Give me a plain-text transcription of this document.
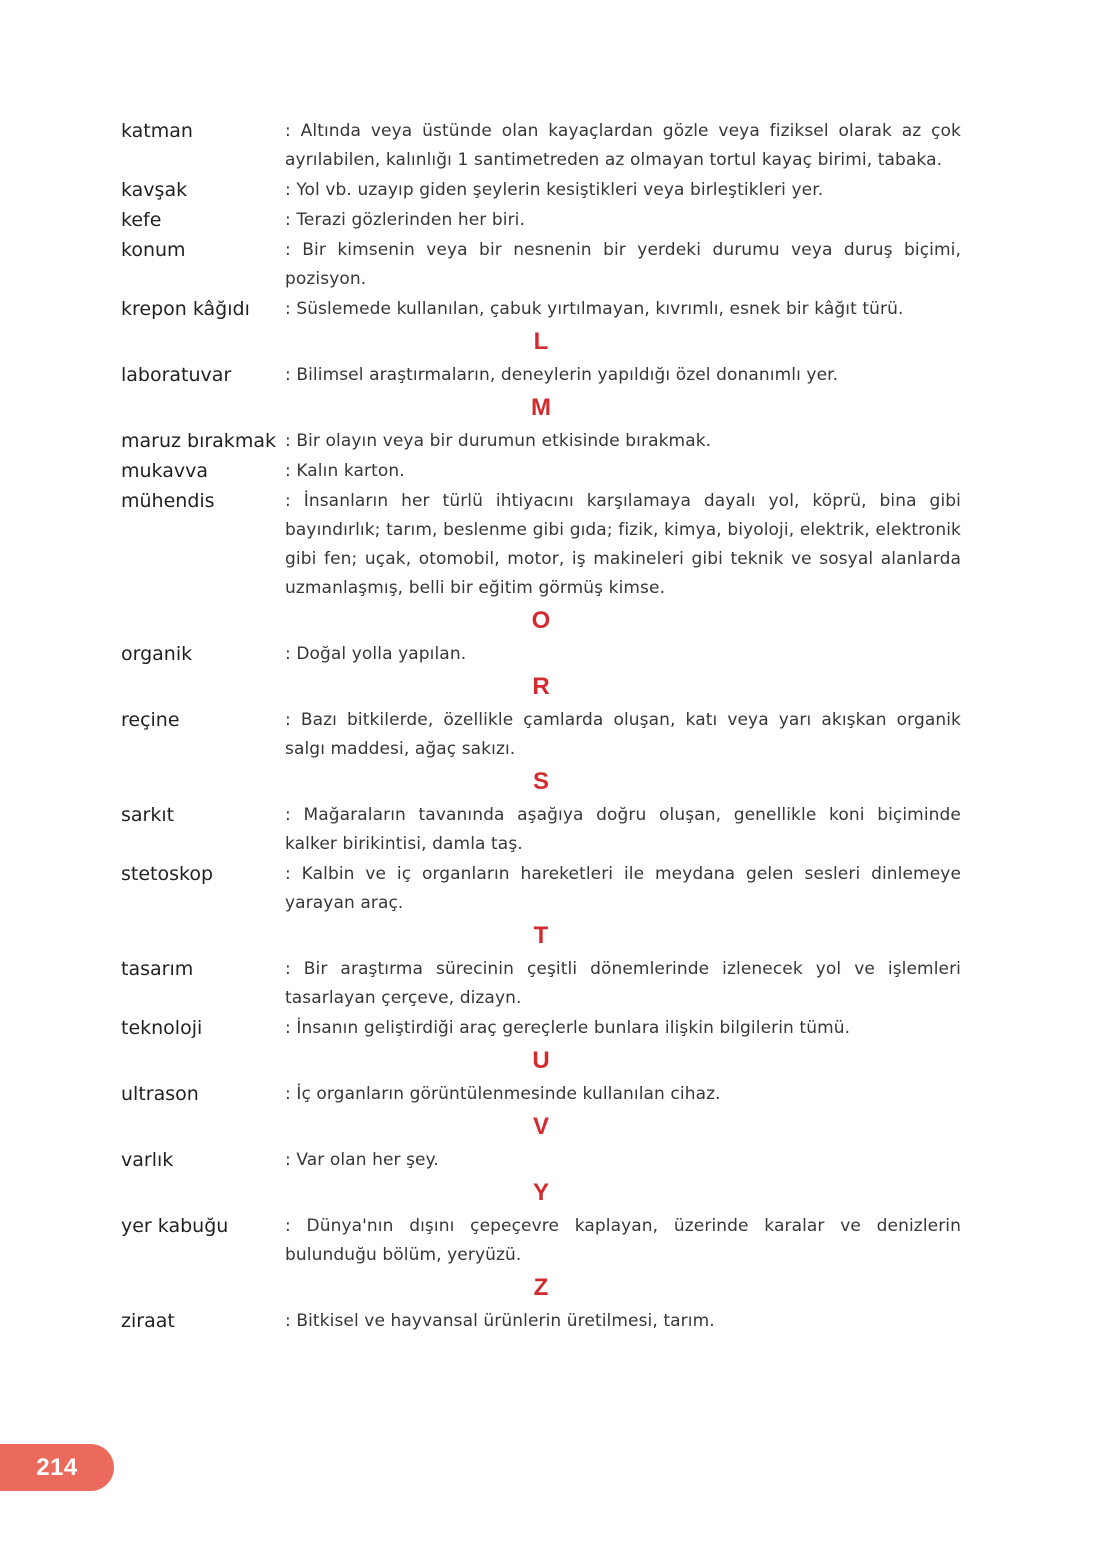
katman	: Altında veya üstünde olan kayaçlardan gözle veya fiziksel olarak az çok ayrılabilen, kalınlığı 1 santimetreden az olmayan tortul kayaç birimi, tabaka.
kavşak	: Yol vb. uzayıp giden şeylerin kesiştikleri veya birleştikleri yer.
kefe	: Terazi gözlerinden her biri.
konum	: Bir kimsenin veya bir nesnenin bir yerdeki durumu veya duruş biçimi, pozisyon.
krepon kâğıdı	: Süslemede kullanılan, çabuk yırtılmayan, kıvrımlı, esnek bir kâğıt türü.
L
laboratuvar	: Bilimsel araştırmaların, deneylerin yapıldığı özel donanımlı yer.
M
maruz bırakmak : Bir olayın veya bir durumun etkisinde bırakmak.
mukavva	: Kalın karton.
mühendis	: İnsanların her türlü ihtiyacını karşılamaya dayalı yol, köprü, bina gibi bayındırlık; tarım, beslenme gibi gıda; fizik, kimya, biyoloji, elektrik, elektronik gibi fen; uçak, otomobil, motor, iş makineleri gibi teknik ve sosyal alanlarda uzmanlaşmış, belli bir eğitim görmüş kimse.
O
organik	: Doğal yolla yapılan.
R
reçine	: Bazı bitkilerde, özellikle çamlarda oluşan, katı veya yarı akışkan organik salgı maddesi, ağaç sakızı.
S
sarkıt	: Mağaraların tavanında aşağıya doğru oluşan, genellikle koni biçiminde kalker birikintisi, damla taş.
stetoskop	: Kalbin ve iç organların hareketleri ile meydana gelen sesleri dinlemeye yarayan araç.
T
tasarım	: Bir araştırma sürecinin çeşitli dönemlerinde izlenecek yol ve işlemleri tasarlayan çerçeve, dizayn.
teknoloji	: İnsanın geliştirdiği araç gereçlerle bunlara ilişkin bilgilerin tümü.
U
ultrason	: İç organların görüntülenmesinde kullanılan cihaz.
V
varlık	: Var olan her şey.
Y
yer kabuğu	: Dünya'nın dışını çepeçevre kaplayan, üzerinde karalar ve denizlerin bulunduğu bölüm, yeryüzü.
Z
ziraat	: Bitkisel ve hayvansal ürünlerin üretilmesi, tarım.
214
